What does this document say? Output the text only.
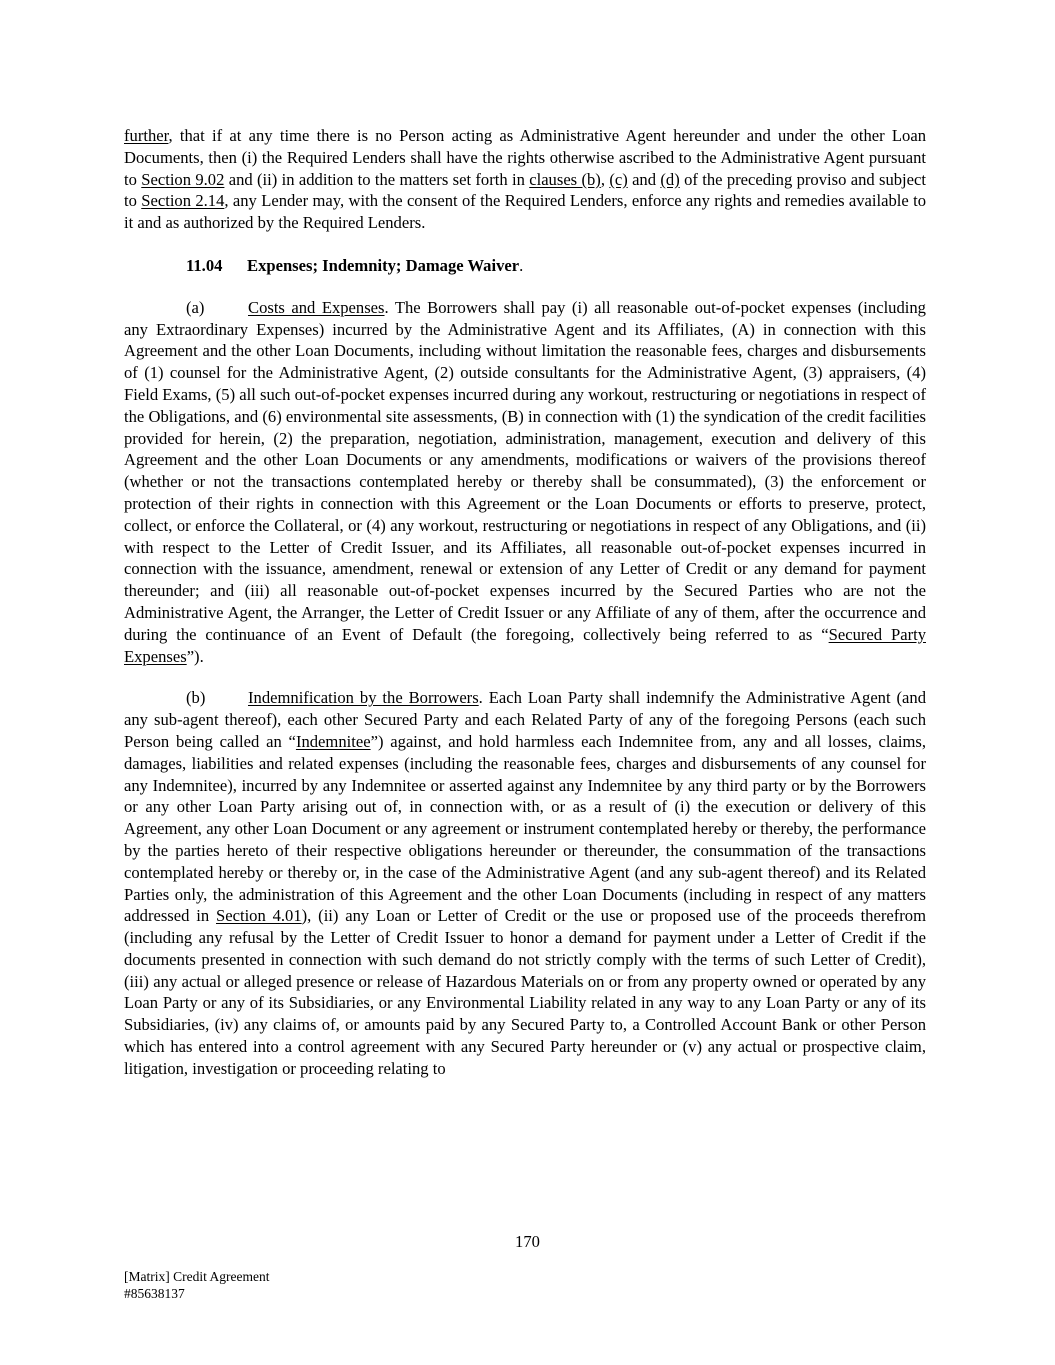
further, that if at any time there is no Person acting as Administrative Agent hereunder and under the other Loan Documents, then (i) the Required Lenders shall have the rights otherwise ascribed to the Administrative Agent pursuant to Section 9.02 and (ii) in addition to the matters set forth in clauses (b), (c) and (d) of the preceding proviso and subject to Section 2.14, any Lender may, with the consent of the Required Lenders, enforce any rights and remedies available to it and as authorized by the Required Lenders.

11.04 Expenses; Indemnity; Damage Waiver.

(a)	Costs and Expenses. The Borrowers shall pay (i) all reasonable out-of-pocket expenses (including any Extraordinary Expenses) incurred by the Administrative Agent and its Affiliates, (A) in connection with this Agreement and the other Loan Documents, including without limitation the reasonable fees, charges and disbursements of (1) counsel for the Administrative Agent, (2) outside consultants for the Administrative Agent, (3) appraisers, (4) Field Exams, (5) all such out-of-pocket expenses incurred during any workout, restructuring or negotiations in respect of the Obligations, and (6) environmental site assessments, (B) in connection with (1) the syndication of the credit facilities provided for herein, (2) the preparation, negotiation, administration, management, execution and delivery of this Agreement and the other Loan Documents or any amendments, modifications or waivers of the provisions thereof (whether or not the transactions contemplated hereby or thereby shall be consummated), (3) the enforcement or protection of their rights in connection with this Agreement or the Loan Documents or efforts to preserve, protect, collect, or enforce the Collateral, or (4) any workout, restructuring or negotiations in respect of any Obligations, and (ii) with respect to the Letter of Credit Issuer, and its Affiliates, all reasonable out-of-pocket expenses incurred in connection with the issuance, amendment, renewal or extension of any Letter of Credit or any demand for payment thereunder; and (iii) all reasonable out-of-pocket expenses incurred by the Secured Parties who are not the Administrative Agent, the Arranger, the Letter of Credit Issuer or any Affiliate of any of them, after the occurrence and during the continuance of an Event of Default (the foregoing, collectively being referred to as “Secured Party Expenses”).

(b)	Indemnification by the Borrowers. Each Loan Party shall indemnify the Administrative Agent (and any sub-agent thereof), each other Secured Party and each Related Party of any of the foregoing Persons (each such Person being called an “Indemnitee”) against, and hold harmless each Indemnitee from, any and all losses, claims, damages, liabilities and related expenses (including the reasonable fees, charges and disbursements of any counsel for any Indemnitee), incurred by any Indemnitee or asserted against any Indemnitee by any third party or by the Borrowers or any other Loan Party arising out of, in connection with, or as a result of (i) the execution or delivery of this Agreement, any other Loan Document or any agreement or instrument contemplated hereby or thereby, the performance by the parties hereto of their respective obligations hereunder or thereunder, the consummation of the transactions contemplated hereby or thereby or, in the case of the Administrative Agent (and any sub-agent thereof) and its Related Parties only, the administration of this Agreement and the other Loan Documents (including in respect of any matters addressed in Section 4.01), (ii) any Loan or Letter of Credit or the use or proposed use of the proceeds therefrom (including any refusal by the Letter of Credit Issuer to honor a demand for payment under a Letter of Credit if the documents presented in connection with such demand do not strictly comply with the terms of such Letter of Credit), (iii) any actual or alleged presence or release of Hazardous Materials on or from any property owned or operated by any Loan Party or any of its Subsidiaries, or any Environmental Liability related in any way to any Loan Party or any of its Subsidiaries, (iv) any claims of, or amounts paid by any Secured Party to, a Controlled Account Bank or other Person which has entered into a control agreement with any Secured Party hereunder or (v) any actual or prospective claim, litigation, investigation or proceeding relating to

170
[Matrix] Credit Agreement
#85638137
